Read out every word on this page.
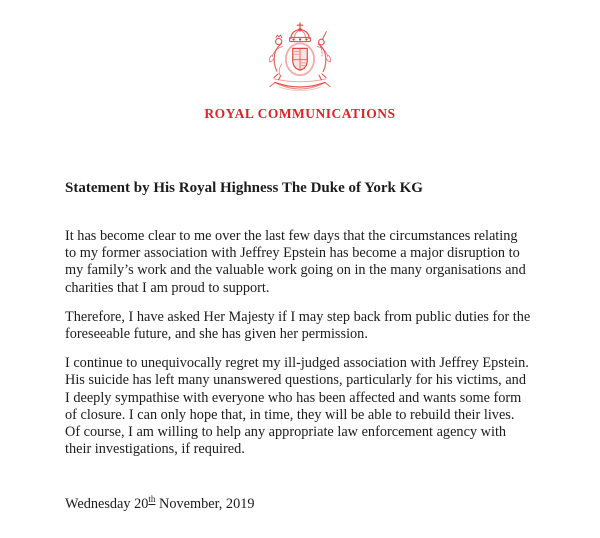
ROYAL COMMUNICATIONS
Statement by His Royal Highness The Duke of York KG

It has become clear to me over the last few days that the circumstances relating to my former association with Jeffrey Epstein has become a major disruption to my family’s work and the valuable work going on in the many organisations and charities that I am proud to support.

Therefore, I have asked Her Majesty if I may step back from public duties for the foreseeable future, and she has given her permission.

I continue to unequivocally regret my ill-judged association with Jeffrey Epstein. His suicide has left many unanswered questions, particularly for his victims, and I deeply sympathise with everyone who has been affected and wants some form of closure. I can only hope that, in time, they will be able to rebuild their lives. Of course, I am willing to help any appropriate law enforcement agency with their investigations, if required.

Wednesday 20th November, 2019
